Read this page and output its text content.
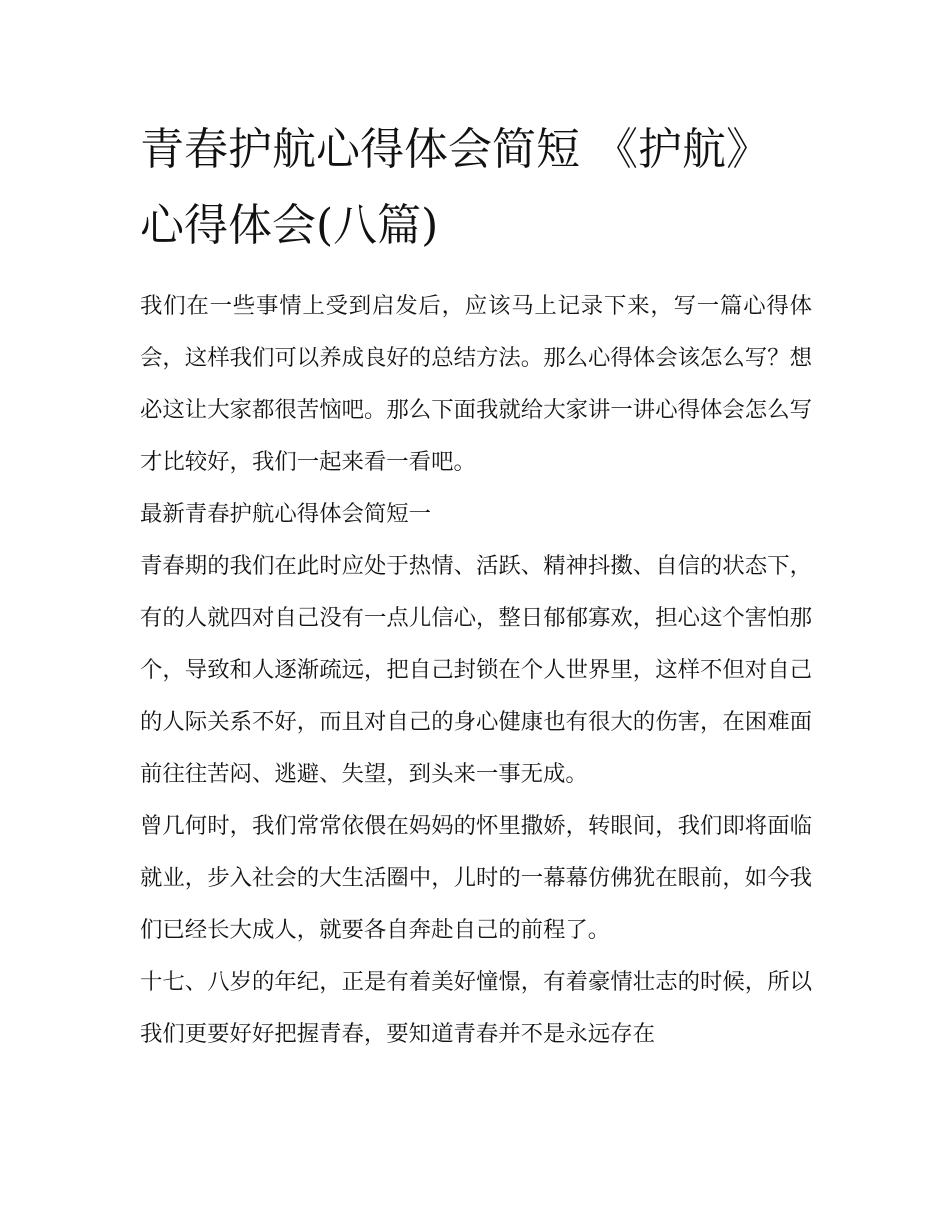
青春护航心得体会简短 《护航》心得体会(八篇)

我们在一些事情上受到启发后，应该马上记录下来，写一篇心得体会，这样我们可以养成良好的总结方法。那么心得体会该怎么写？想必这让大家都很苦恼吧。那么下面我就给大家讲一讲心得体会怎么写才比较好，我们一起来看一看吧。

最新青春护航心得体会简短一

青春期的我们在此时应处于热情、活跃、精神抖擞、自信的状态下，有的人就四对自己没有一点儿信心，整日郁郁寡欢，担心这个害怕那个，导致和人逐渐疏远，把自己封锁在个人世界里，这样不但对自己的人际关系不好，而且对自己的身心健康也有很大的伤害，在困难面前往往苦闷、逃避、失望，到头来一事无成。

曾几何时，我们常常依偎在妈妈的怀里撒娇，转眼间，我们即将面临就业，步入社会的大生活圈中，儿时的一幕幕仿佛犹在眼前，如今我们已经长大成人，就要各自奔赴自己的前程了。

十七、八岁的年纪，正是有着美好憧憬，有着豪情壮志的时候，所以我们更要好好把握青春，要知道青春并不是永远存在
